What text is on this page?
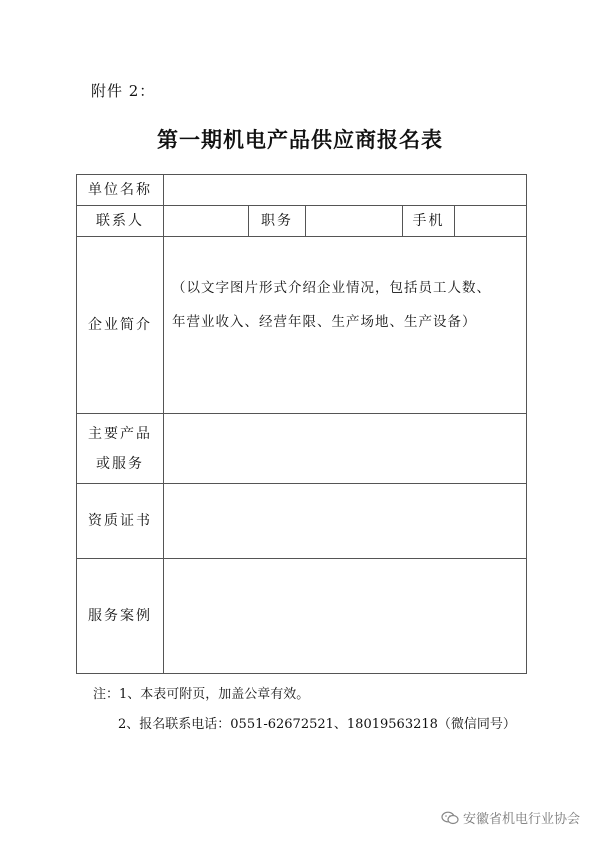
附件 2：
第一期机电产品供应商报名表
单位名称					
联系人		职务		手机	
企业简介	（以文字图片形式介绍企业情况，包括员工人数、
年营业收入、经营年限、生产场地、生产设备）				

主要产品
或服务					

资质证书					
服务案例					
注：1、本表可附页，加盖公章有效。
2、报名联系电话：0551-62672521、18019563218（微信同号）
安徽省机电行业协会
